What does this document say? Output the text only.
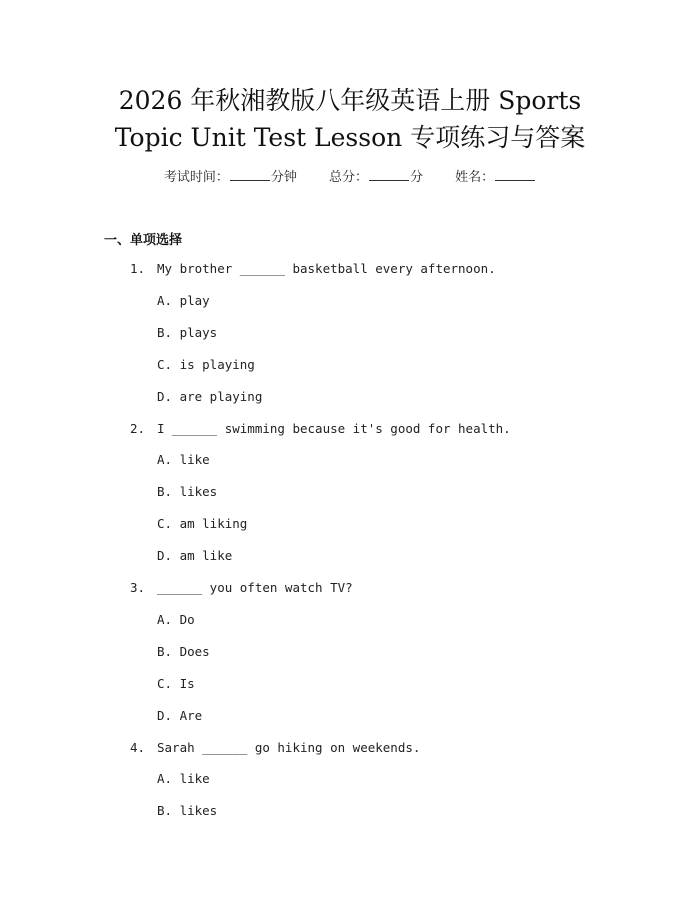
2026 年秋湘教版八年级英语上册 Sports
Topic Unit Test Lesson 专项练习与答案
考试时间：	分钟 总分：	分 姓名：
一、单项选择
1. My brother ______ basketball every afternoon.
A. play
B. plays
C. is playing
D. are playing
2. I ______ swimming because it's good for health.
A. like
B. likes
C. am liking
D. am like
3. ______ you often watch TV?
A. Do
B. Does
C. Is
D. Are
4. Sarah ______ go hiking on weekends.
A. like
B. likes
